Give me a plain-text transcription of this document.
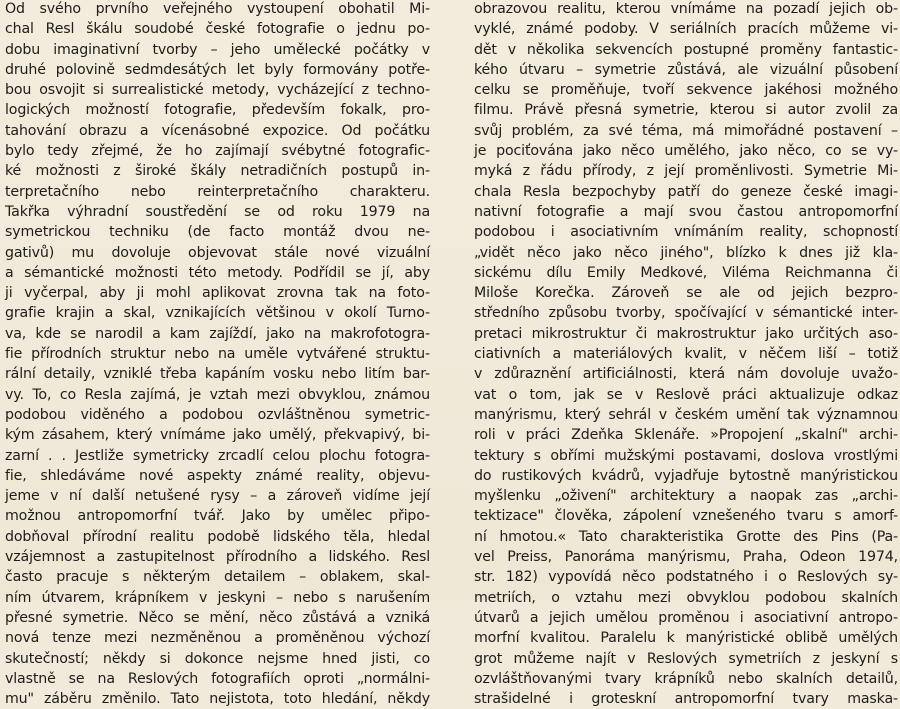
Od svého prvního veřejného vystoupení obohatil Mi-
chal Resl škálu soudobé české fotografie o jednu po-
dobu imaginativní tvorby – jeho umělecké počátky v
druhé polovině sedmdesátých let byly formovány potře-
bou osvojit si surrealistické metody, vycházející z techno-
logických možností fotografie, především fokalk, pro-
tahování obrazu a vícenásobné expozice. Od počátku
bylo tedy zřejmé, že ho zajímají svébytné fotografic-
ké možnosti z široké škály netradičních postupů in-
terpretačního nebo reinterpretačního charakteru.
Takřka výhradní soustředění se od roku 1979 na
symetrickou techniku (de facto montáž dvou ne-
gativů) mu dovoluje objevovat stále nové vizuální
a sémantické možnosti této metody. Podřídil se jí, aby
ji vyčerpal, aby ji mohl aplikovat zrovna tak na foto-
grafie krajin a skal, vznikajících většinou v okolí Turno-
va, kde se narodil a kam zajíždí, jako na makrofotogra-
fie přírodních struktur nebo na uměle vytvářené struktu-
rální detaily, vzniklé třeba kapáním vosku nebo litím bar-
vy. To, co Resla zajímá, je vztah mezi obvyklou, známou
podobou viděného a podobou ozvláštněnou symetric-
kým zásahem, který vnímáme jako umělý, překvapivý, bi-
zarní . . Jestliže symetricky zrcadlí celou plochu fotogra-
fie, shledáváme nové aspekty známé reality, objevu-
jeme v ní další netušené rysy – a zároveň vidíme její
možnou antropomorfní tvář. Jako by umělec připo-
dobňoval přírodní realitu podobě lidského těla, hledal
vzájemnost a zastupitelnost přírodního a lidského. Resl
často pracuje s některým detailem – oblakem, skal-
ním útvarem, krápníkem v jeskyni – nebo s narušením
přesné symetrie. Něco se mění, něco zůstává a vzniká
nová tenze mezi nezměněnou a proměněnou výchozí
skutečností; někdy si dokonce nejsme hned jisti, co
vlastně se na Reslových fotografiích oproti „normálni-
mu" záběru změnilo. Tato nejistota, toto hledání, někdy
obrazovou realitu, kterou vnímáme na pozadí jejich ob-
vyklé, známé podoby. V seriálních pracích můžeme vi-
dět v několika sekvencích postupné proměny fantastic-
kého útvaru – symetrie zůstává, ale vizuální působení
celku se proměňuje, tvoří sekvence jakéhosi možného
filmu. Právě přesná symetrie, kterou si autor zvolil za
svůj problém, za své téma, má mimořádné postavení –
je pociťována jako něco umělého, jako něco, co se vy-
myká z řádu přírody, z její proměnlivosti. Symetrie Mi-
chala Resla bezpochyby patří do geneze české imagi-
nativní fotografie a mají svou častou antropomorfní
podobou i asociativním vnímáním reality, schopností
„vidět něco jako něco jiného", blízko k dnes již kla-
sickému dílu Emily Medkové, Viléma Reichmanna či
Miloše Korečka. Zároveň se ale od jejich bezpro-
středního způsobu tvorby, spočívající v sémantické inter-
pretaci mikrostruktur či makrostruktur jako určitých aso-
ciativních a materiálových kvalit, v něčem liší – totiž
v zdůraznění artificiálnosti, která nám dovoluje uvažo-
vat o tom, jak se v Reslově práci aktualizuje odkaz
manýrismu, který sehrál v českém umění tak významnou
roli v práci Zdeňka Sklenáře. »Propojení „skalní" archi-
tektury s obřími mužskými postavami, doslova vrostlými
do rustikových kvádrů, vyjadřuje bytostně manýristickou
myšlenku „oživení" architektury a naopak zas „archi-
tektizace" člověka, zápolení vznešeného tvaru s amorf-
ní hmotou.« Tato charakteristika Grotte des Pins (Pa-
vel Preiss, Panoráma manýrismu, Praha, Odeon 1974,
str. 182) vypovídá něco podstatného i o Reslových sy-
metriích, o vztahu mezi obvyklou podobou skalních
útvarů a jejich umělou proměnou i asociativní antropo-
morfní kvalitou. Paralelu k manýristické oblibě umělých
grot můžeme najít v Reslových symetriích z jeskyní s
ozvláštňovanými tvary krápníků nebo skalních detailů,
strašidelné i groteskní antropomorfní tvary maska-
